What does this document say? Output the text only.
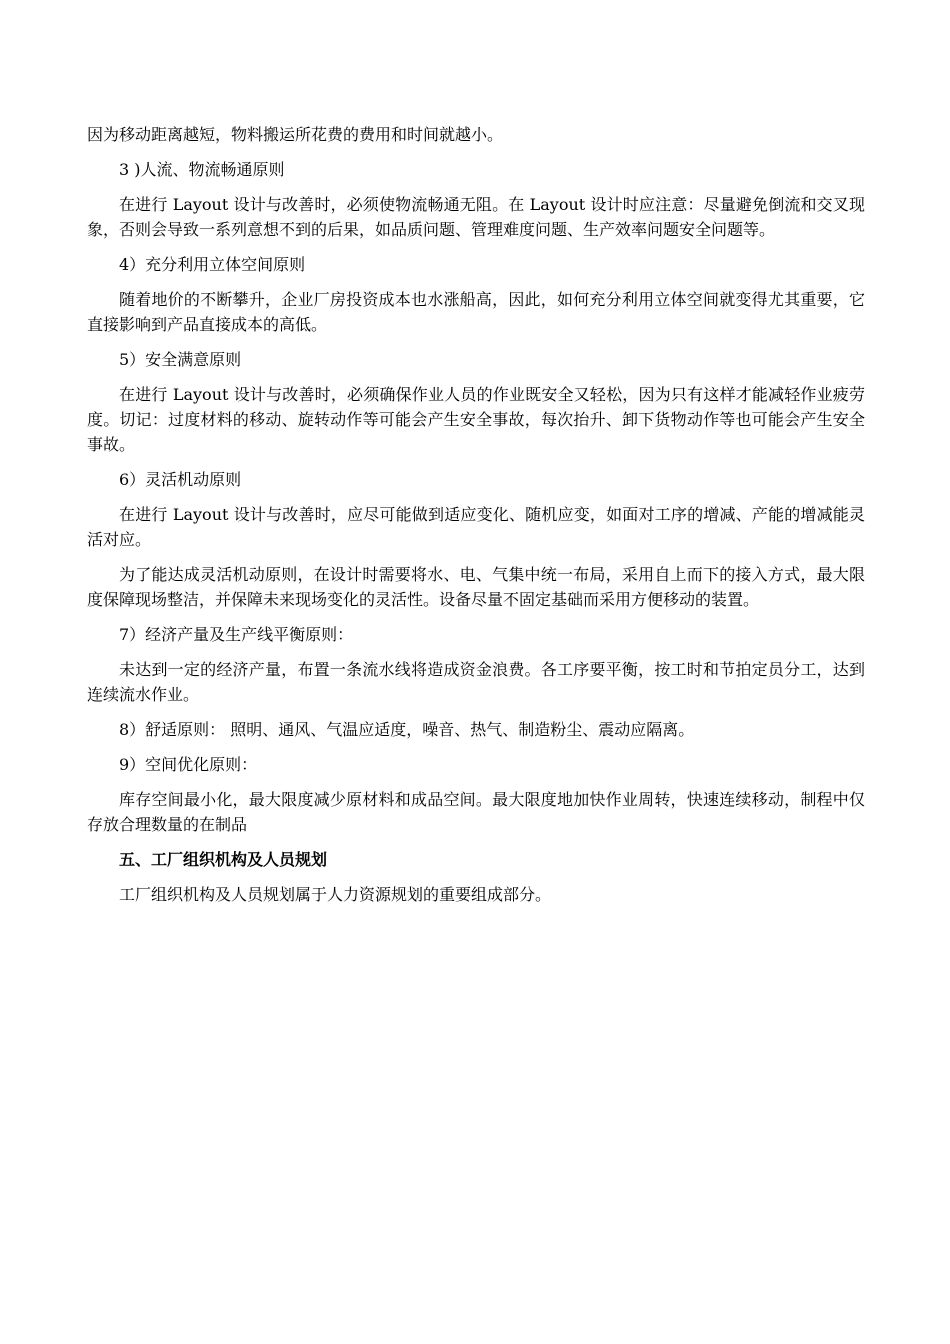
因为移动距离越短，物料搬运所花费的费用和时间就越小。

3 )人流、物流畅通原则

在进行 Layout 设计与改善时，必须使物流畅通无阻。在 Layout 设计时应注意：尽量避免倒流和交叉现象，否则会导致一系列意想不到的后果，如品质问题、管理难度问题、生产效率问题安全问题等。

4）充分利用立体空间原则

随着地价的不断攀升，企业厂房投资成本也水涨船高，因此，如何充分利用立体空间就变得尤其重要，它直接影响到产品直接成本的高低。

5）安全满意原则

在进行 Layout 设计与改善时，必须确保作业人员的作业既安全又轻松，因为只有这样才能减轻作业疲劳度。切记：过度材料的移动、旋转动作等可能会产生安全事故，每次抬升、卸下货物动作等也可能会产生安全事故。

6）灵活机动原则

在进行 Layout 设计与改善时，应尽可能做到适应变化、随机应变，如面对工序的增减、产能的增减能灵活对应。

为了能达成灵活机动原则，在设计时需要将水、电、气集中统一布局，采用自上而下的接入方式，最大限度保障现场整洁，并保障未来现场变化的灵活性。设备尽量不固定基础而采用方便移动的装置。

7）经济产量及生产线平衡原则：

未达到一定的经济产量，布置一条流水线将造成资金浪费。各工序要平衡，按工时和节拍定员分工，达到连续流水作业。

8）舒适原则： 照明、通风、气温应适度，噪音、热气、制造粉尘、震动应隔离。

9）空间优化原则：

库存空间最小化，最大限度减少原材料和成品空间。最大限度地加快作业周转，快速连续移动，制程中仅存放合理数量的在制品

五、工厂组织机构及人员规划

工厂组织机构及人员规划属于人力资源规划的重要组成部分。
